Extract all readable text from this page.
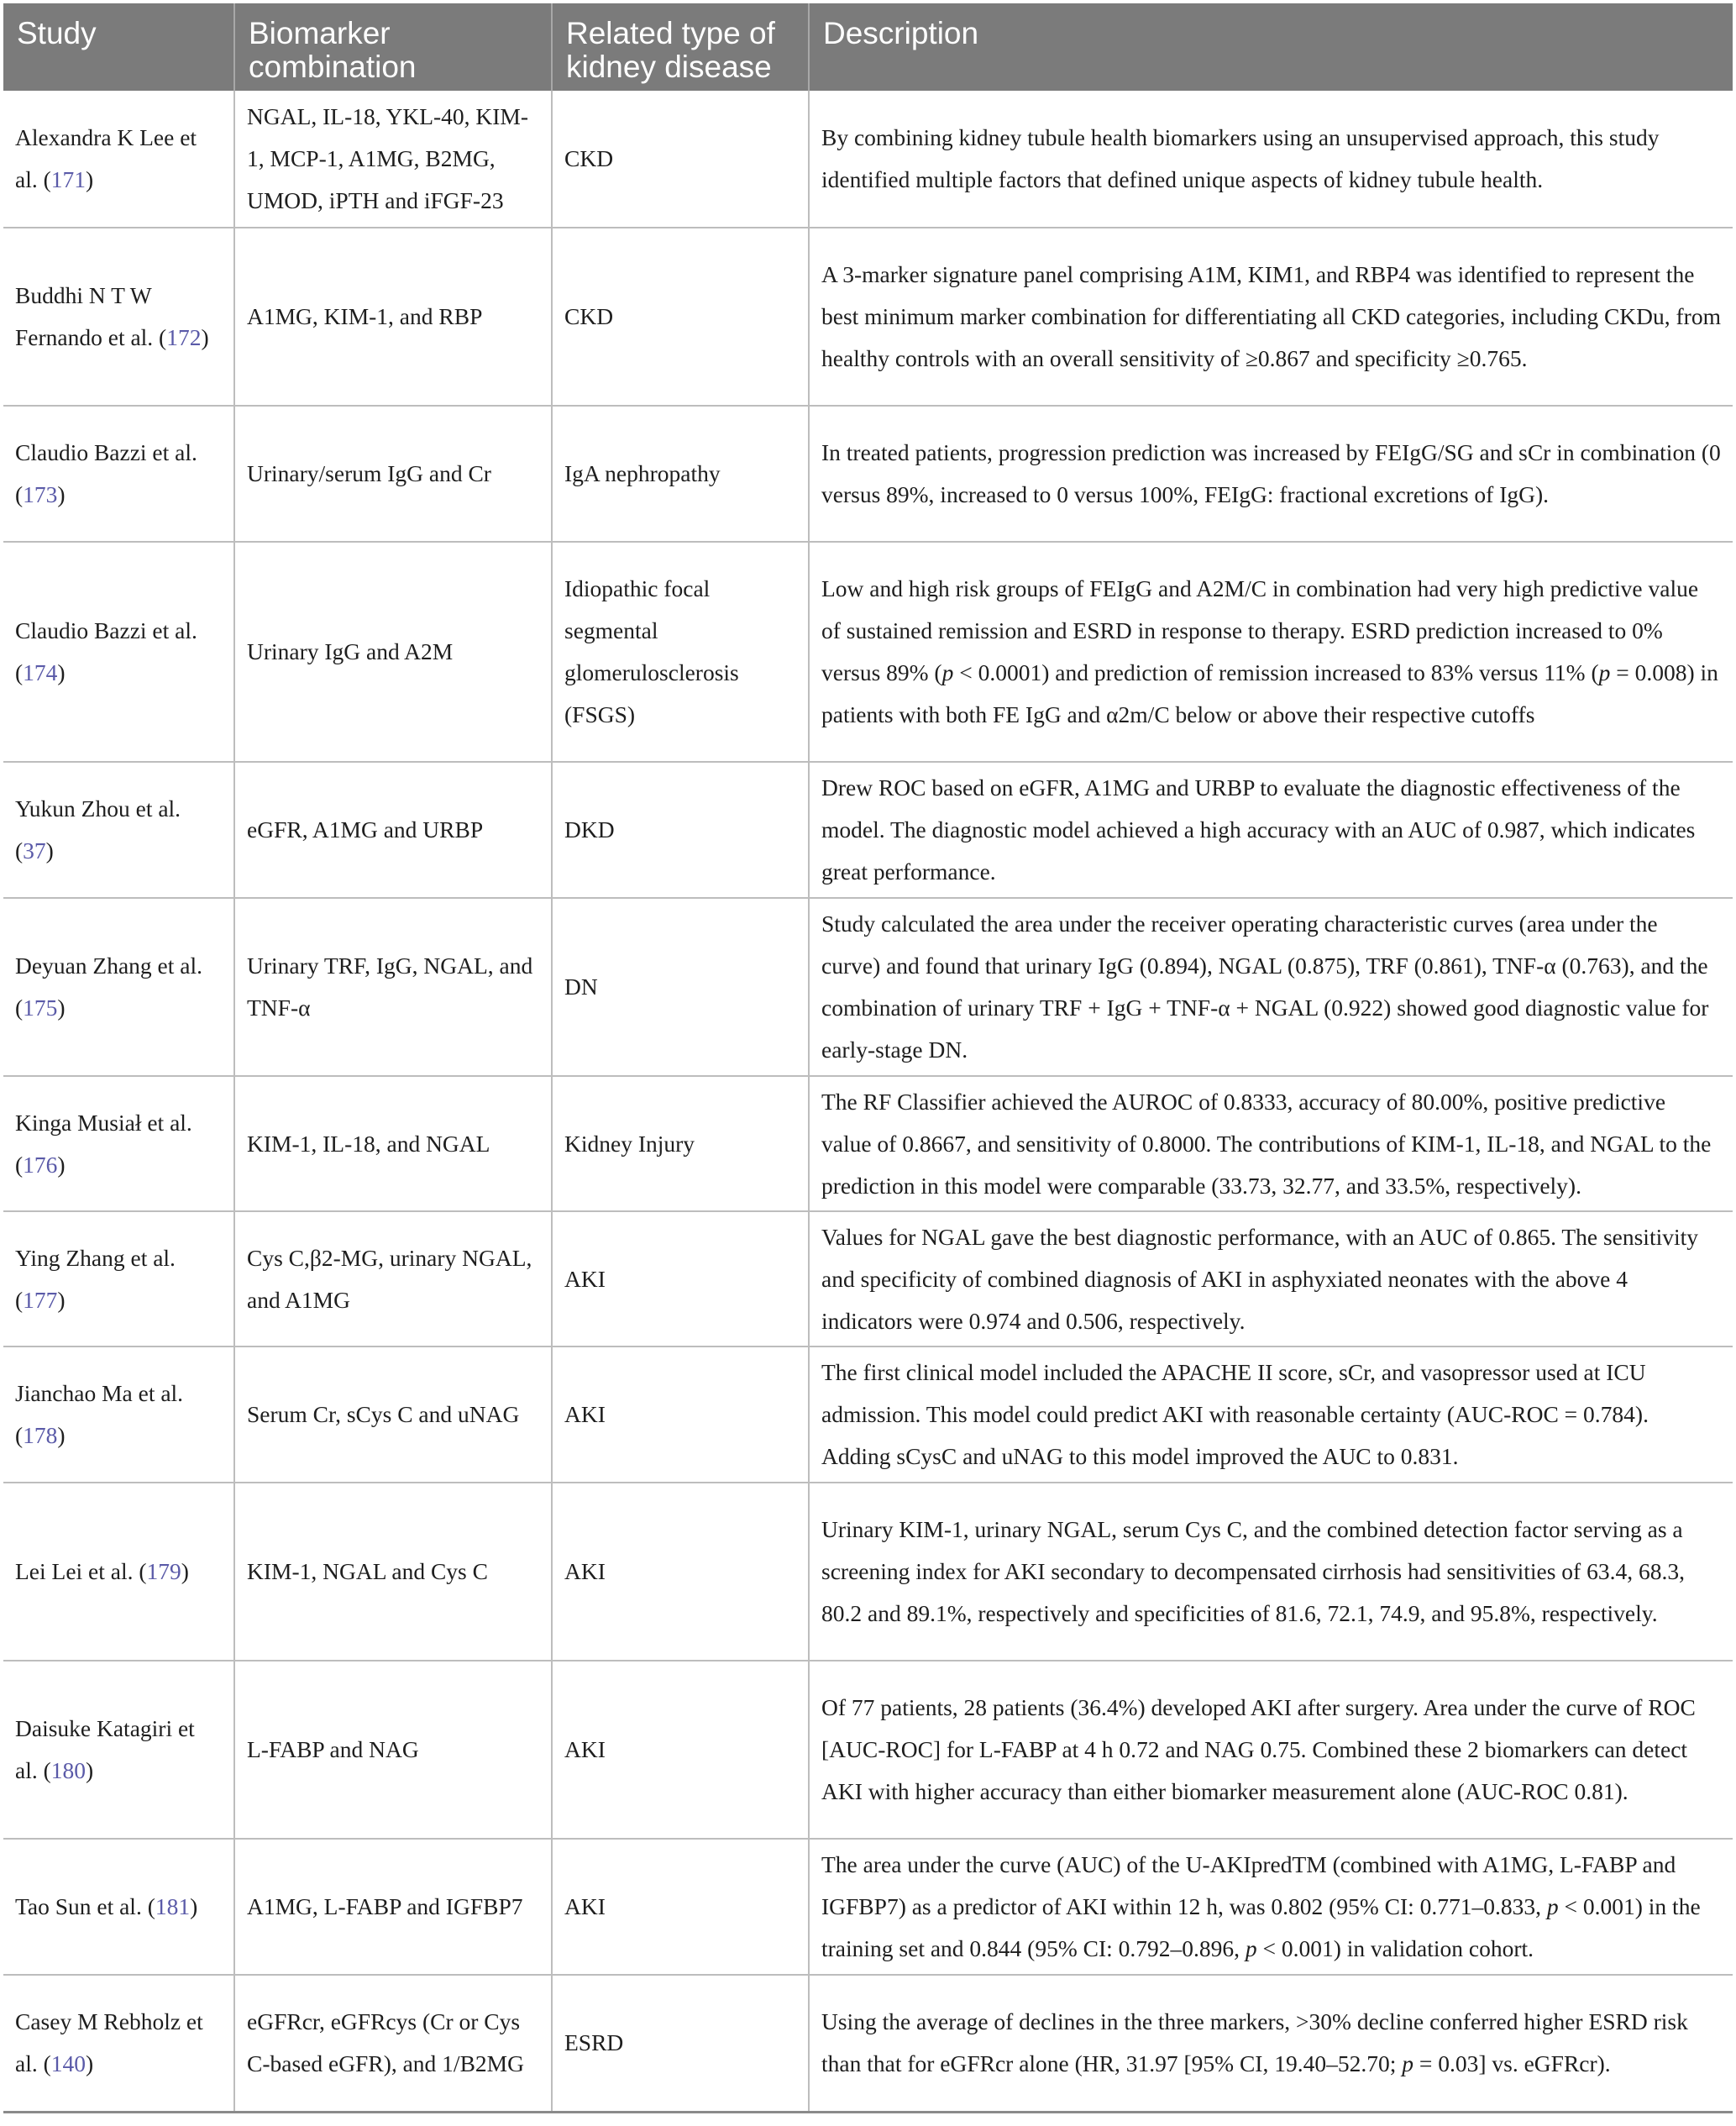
Study	Biomarker combination	Related type of kidney disease	Description
Alexandra K Lee et al. (171)	NGAL, IL-18, YKL-40, KIM-1, MCP-1, A1MG, B2MG, UMOD, iPTH and iFGF-23	CKD	By combining kidney tubule health biomarkers using an unsupervised approach, this study identified multiple factors that defined unique aspects of kidney tubule health.
Buddhi N T W Fernando et al. (172)	A1MG, KIM-1, and RBP	CKD	A 3-marker signature panel comprising A1M, KIM1, and RBP4 was identified to represent the best minimum marker combination for differentiating all CKD categories, including CKDu, from healthy controls with an overall sensitivity of ≥0.867 and specificity ≥0.765.
Claudio Bazzi et al. (173)	Urinary/serum IgG and Cr	IgA nephropathy	In treated patients, progression prediction was increased by FEIgG/SG and sCr in combination (0 versus 89%, increased to 0 versus 100%, FEIgG: fractional excretions of IgG).
Claudio Bazzi et al. (174)	Urinary IgG and A2M	Idiopathic focal segmental glomerulosclerosis (FSGS)	Low and high risk groups of FEIgG and A2M/C in combination had very high predictive value of sustained remission and ESRD in response to therapy. ESRD prediction increased to 0% versus 89% (p < 0.0001) and prediction of remission increased to 83% versus 11% (p = 0.008) in patients with both FE IgG and α2m/C below or above their respective cutoffs
Yukun Zhou et al. (37)	eGFR, A1MG and URBP	DKD	Drew ROC based on eGFR, A1MG and URBP to evaluate the diagnostic effectiveness of the model. The diagnostic model achieved a high accuracy with an AUC of 0.987, which indicates great performance.
Deyuan Zhang et al. (175)	Urinary TRF, IgG, NGAL, and TNF-α	DN	Study calculated the area under the receiver operating characteristic curves (area under the curve) and found that urinary IgG (0.894), NGAL (0.875), TRF (0.861), TNF-α (0.763), and the combination of urinary TRF + IgG + TNF-α + NGAL (0.922) showed good diagnostic value for early-stage DN.
Kinga Musiał et al. (176)	KIM-1, IL-18, and NGAL	Kidney Injury	The RF Classifier achieved the AUROC of 0.8333, accuracy of 80.00%, positive predictive value of 0.8667, and sensitivity of 0.8000. The contributions of KIM-1, IL-18, and NGAL to the prediction in this model were comparable (33.73, 32.77, and 33.5%, respectively).
Ying Zhang et al. (177)	Cys C,β2-MG, urinary NGAL, and A1MG	AKI	Values for NGAL gave the best diagnostic performance, with an AUC of 0.865. The sensitivity and specificity of combined diagnosis of AKI in asphyxiated neonates with the above 4 indicators were 0.974 and 0.506, respectively.
Jianchao Ma et al. (178)	Serum Cr, sCys C and uNAG	AKI	The first clinical model included the APACHE II score, sCr, and vasopressor used at ICU admission. This model could predict AKI with reasonable certainty (AUC-ROC = 0.784). Adding sCysC and uNAG to this model improved the AUC to 0.831.
Lei Lei et al. (179)	KIM-1, NGAL and Cys C	AKI	Urinary KIM-1, urinary NGAL, serum Cys C, and the combined detection factor serving as a screening index for AKI secondary to decompensated cirrhosis had sensitivities of 63.4, 68.3, 80.2 and 89.1%, respectively and specificities of 81.6, 72.1, 74.9, and 95.8%, respectively.
Daisuke Katagiri et al. (180)	L-FABP and NAG	AKI	Of 77 patients, 28 patients (36.4%) developed AKI after surgery. Area under the curve of ROC [AUC-ROC] for L-FABP at 4 h 0.72 and NAG 0.75. Combined these 2 biomarkers can detect AKI with higher accuracy than either biomarker measurement alone (AUC-ROC 0.81).
Tao Sun et al. (181)	A1MG, L-FABP and IGFBP7	AKI	The area under the curve (AUC) of the U-AKIpredTM (combined with A1MG, L-FABP and IGFBP7) as a predictor of AKI within 12 h, was 0.802 (95% CI: 0.771–0.833, p < 0.001) in the training set and 0.844 (95% CI: 0.792–0.896, p < 0.001) in validation cohort.
Casey M Rebholz et al. (140)	eGFRcr, eGFRcys (Cr or Cys C-based eGFR), and 1/B2MG	ESRD	Using the average of declines in the three markers, >30% decline conferred higher ESRD risk than that for eGFRcr alone (HR, 31.97 [95% CI, 19.40–52.70; p = 0.03] vs. eGFRcr).
